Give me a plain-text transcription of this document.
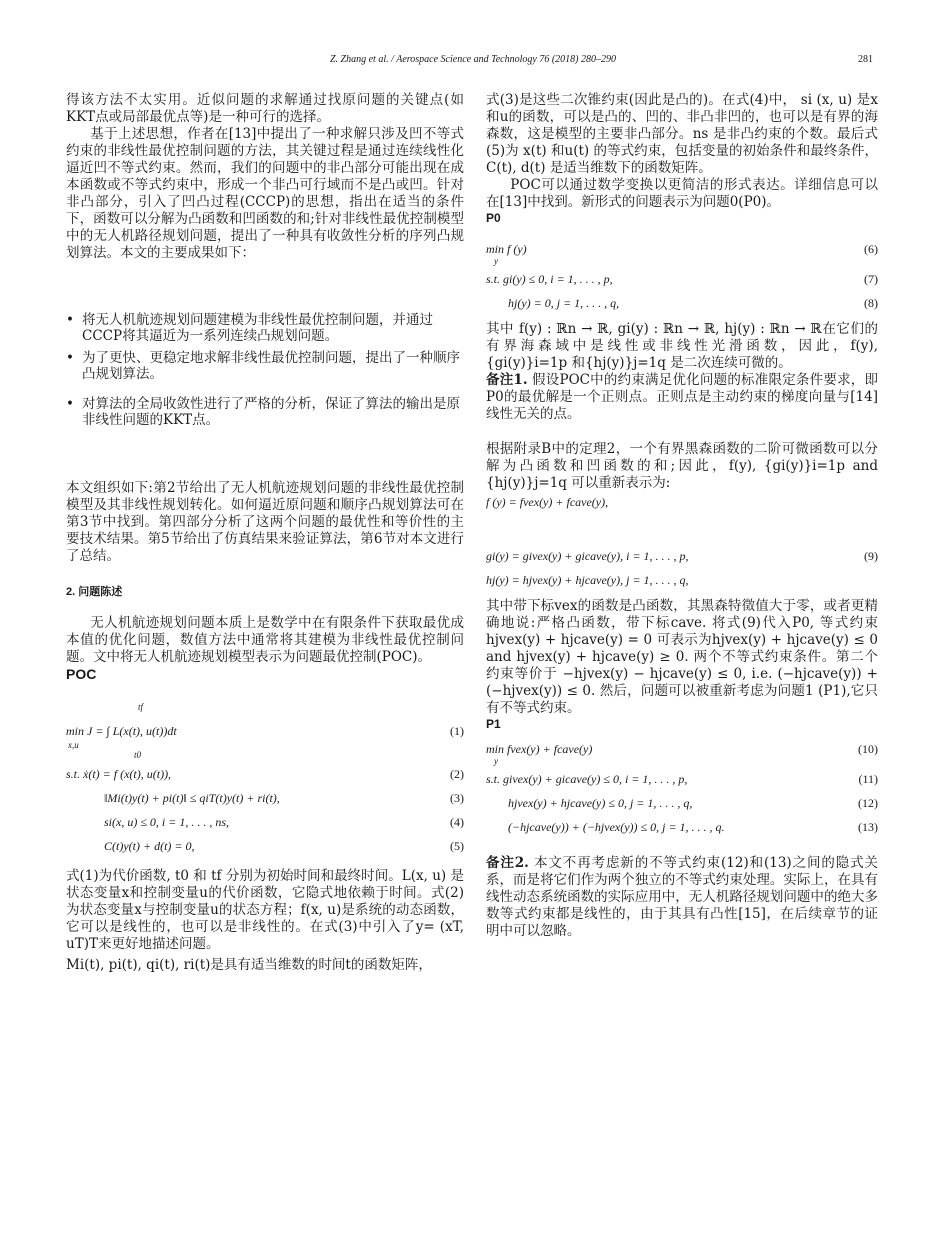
Z. Zhang et al. / Aerospace Science and Technology 76 (2018) 280–290	281

得该方法不太实用。近似问题的求解通过找原问题的关键点(如KKT点或局部最优点等)是一种可行的选择。

基于上述思想，作者在[13]中提出了一种求解只涉及凹不等式约束的非线性最优控制问题的方法，其关键过程是通过连续线性化逼近凹不等式约束。然而，我们的问题中的非凸部分可能出现在成本函数或不等式约束中，形成一个非凸可行域而不是凸或凹。针对非凸部分，引入了凹凸过程(CCCP)的思想，指出在适当的条件下，函数可以分解为凸函数和凹函数的和;针对非线性最优控制模型中的无人机路径规划问题，提出了一种具有收敛性分析的序列凸规划算法。本文的主要成果如下：

• 将无人机航迹规划问题建模为非线性最优控制问题，并通过CCCP将其逼近为一系列连续凸规划问题。

• 为了更快、更稳定地求解非线性最优控制问题，提出了一种顺序凸规划算法。

• 对算法的全局收敛性进行了严格的分析，保证了算法的输出是原非线性问题的KKT点。

本文组织如下:第2节给出了无人机航迹规划问题的非线性最优控制模型及其非线性规划转化。如何逼近原问题和顺序凸规划算法可在第3节中找到。第四部分分析了这两个问题的最优性和等价性的主要技术结果。第5节给出了仿真结果来验证算法，第6节对本文进行了总结。

2. 问题陈述

无人机航迹规划问题本质上是数学中在有限条件下获取最优成本值的优化问题，数值方法中通常将其建模为非线性最优控制问题。文中将无人机航迹规划模型表示为问题最优控制(POC)。

POC

min J = ∫ L(x(t), u(t))dt
x,u
tf
t0
(1)
s.t. ẋ(t) = f (x(t), u(t)),	(2)
‖Mi(t)y(t) + pi(t)‖ ≤ qiT(t)y(t) + ri(t),	(3)
si(x, u) ≤ 0, i = 1, . . . , ns,	(4)
C(t)y(t) + d(t) = 0,	(5)

式(1)为代价函数, t0 和 tf 分别为初始时间和最终时间。L(x, u) 是状态变量x和控制变量u的代价函数，它隐式地依赖于时间。式(2)为状态变量x与控制变量u的状态方程；f(x, u)是系统的动态函数，它可以是线性的，也可以是非线性的。在式(3)中引入了y= (xT, uT)T来更好地描述问题。

Mi(t), pi(t), qi(t), ri(t)是具有适当维数的时间t的函数矩阵，

式(3)是这些二次锥约束(因此是凸的)。在式(4)中， si (x, u) 是x和u的函数，可以是凸的、凹的、非凸非凹的，也可以是有界的海森数，这是模型的主要非凸部分。ns 是非凸约束的个数。最后式(5)为 x(t) 和u(t) 的等式约束，包括变量的初始条件和最终条件，C(t), d(t) 是适当维数下的函数矩阵。

POC可以通过数学变换以更简洁的形式表达。详细信息可以在[13]中找到。新形式的问题表示为问题0(P0)。

P0

min f (y)
y
(6)
s.t. gi(y) ≤ 0, i = 1, . . . , p,	(7)
hj(y) = 0, j = 1, . . . , q,	(8)

其中 f(y) : ℝn → ℝ, gi(y) : ℝn → ℝ, hj(y) : ℝn → ℝ在它们的有界海森域中是线性或非线性光滑函数，因此，f(y), {gi(y)}i=1p 和{hj(y)}j=1q 是二次连续可微的。

备注1. 假设POC中的约束满足优化问题的标准限定条件要求，即P0的最优解是一个正则点。正则点是主动约束的梯度向量与[14]线性无关的点。

根据附录B中的定理2，一个有界黑森函数的二阶可微函数可以分解为凸函数和凹函数的和;因此，f(y), {gi(y)}i=1p and {hj(y)}j=1q 可以重新表示为:

f (y) = fvex(y) + fcave(y),
gi(y) = givex(y) + gicave(y), i = 1, . . . , p,	(9)
hj(y) = hjvex(y) + hjcave(y), j = 1, . . . , q,

其中带下标vex的函数是凸函数，其黑森特徵值大于零，或者更精确地说:严格凸函数，带下标cave. 将式(9)代入P0, 等式约束 hjvex(y) + hjcave(y) = 0 可表示为hjvex(y) + hjcave(y) ≤ 0 and hjvex(y) + hjcave(y) ≥ 0. 两个不等式约束条件。第二个约束等价于 −hjvex(y) − hjcave(y) ≤ 0, i.e. (−hjcave(y)) + (−hjvex(y)) ≤ 0. 然后，问题可以被重新考虑为问题1 (P1),它只有不等式约束。

P1

min fvex(y) + fcave(y)
y
(10)
s.t. givex(y) + gicave(y) ≤ 0, i = 1, . . . , p,	(11)
hjvex(y) + hjcave(y) ≤ 0, j = 1, . . . , q,	(12)
(−hjcave(y)) + (−hjvex(y)) ≤ 0, j = 1, . . . , q.	(13)

备注2. 本文不再考虑新的不等式约束(12)和(13)之间的隐式关系，而是将它们作为两个独立的不等式约束处理。实际上，在具有线性动态系统函数的实际应用中，无人机路径规划问题中的绝大多数等式约束都是线性的，由于其具有凸性[15]，在后续章节的证明中可以忽略。
